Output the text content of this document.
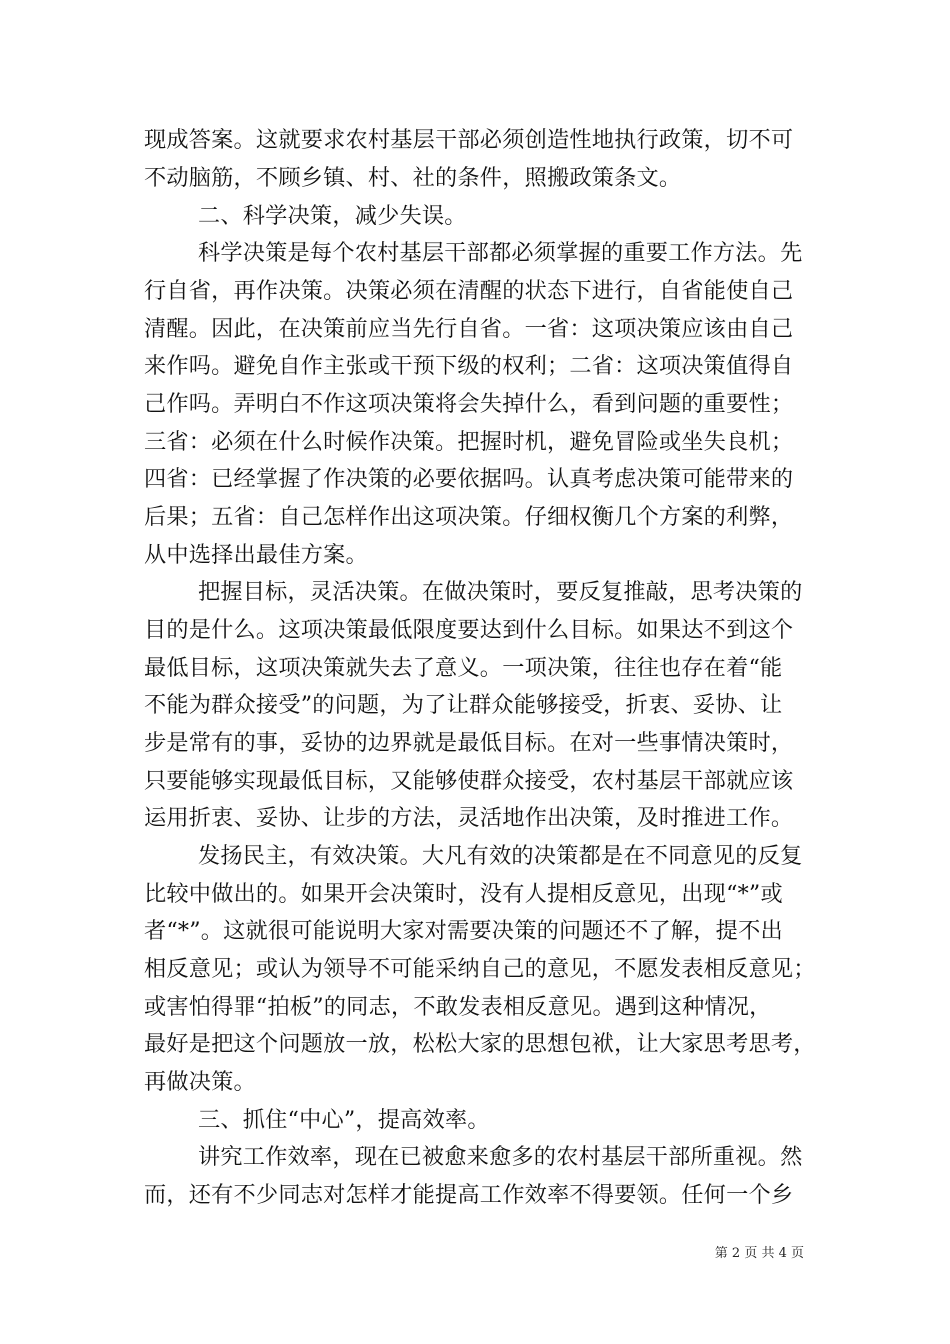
现成答案。这就要求农村基层干部必须创造性地执行政策，切不可
不动脑筋，不顾乡镇、村、社的条件，照搬政策条文。
二、科学决策，减少失误。
科学决策是每个农村基层干部都必须掌握的重要工作方法。先
行自省，再作决策。决策必须在清醒的状态下进行，自省能使自己
清醒。因此，在决策前应当先行自省。一省：这项决策应该由自己
来作吗。避免自作主张或干预下级的权利；二省：这项决策值得自
己作吗。弄明白不作这项决策将会失掉什么，看到问题的重要性；
三省：必须在什么时候作决策。把握时机，避免冒险或坐失良机；
四省：已经掌握了作决策的必要依据吗。认真考虑决策可能带来的
后果；五省：自己怎样作出这项决策。仔细权衡几个方案的利弊，
从中选择出最佳方案。
把握目标，灵活决策。在做决策时，要反复推敲，思考决策的
目的是什么。这项决策最低限度要达到什么目标。如果达不到这个
最低目标，这项决策就失去了意义。一项决策，往往也存在着“能
不能为群众接受”的问题，为了让群众能够接受，折衷、妥协、让
步是常有的事，妥协的边界就是最低目标。在对一些事情决策时，
只要能够实现最低目标，又能够使群众接受，农村基层干部就应该
运用折衷、妥协、让步的方法，灵活地作出决策，及时推进工作。
发扬民主，有效决策。大凡有效的决策都是在不同意见的反复
比较中做出的。如果开会决策时，没有人提相反意见，出现“*”或
者“*”。这就很可能说明大家对需要决策的问题还不了解，提不出
相反意见；或认为领导不可能采纳自己的意见，不愿发表相反意见；
或害怕得罪“拍板”的同志，不敢发表相反意见。遇到这种情况，
最好是把这个问题放一放，松松大家的思想包袱，让大家思考思考，
再做决策。
三、抓住“中心”，提高效率。
讲究工作效率，现在已被愈来愈多的农村基层干部所重视。然
而，还有不少同志对怎样才能提高工作效率不得要领。任何一个乡
第 2 页 共 4 页
